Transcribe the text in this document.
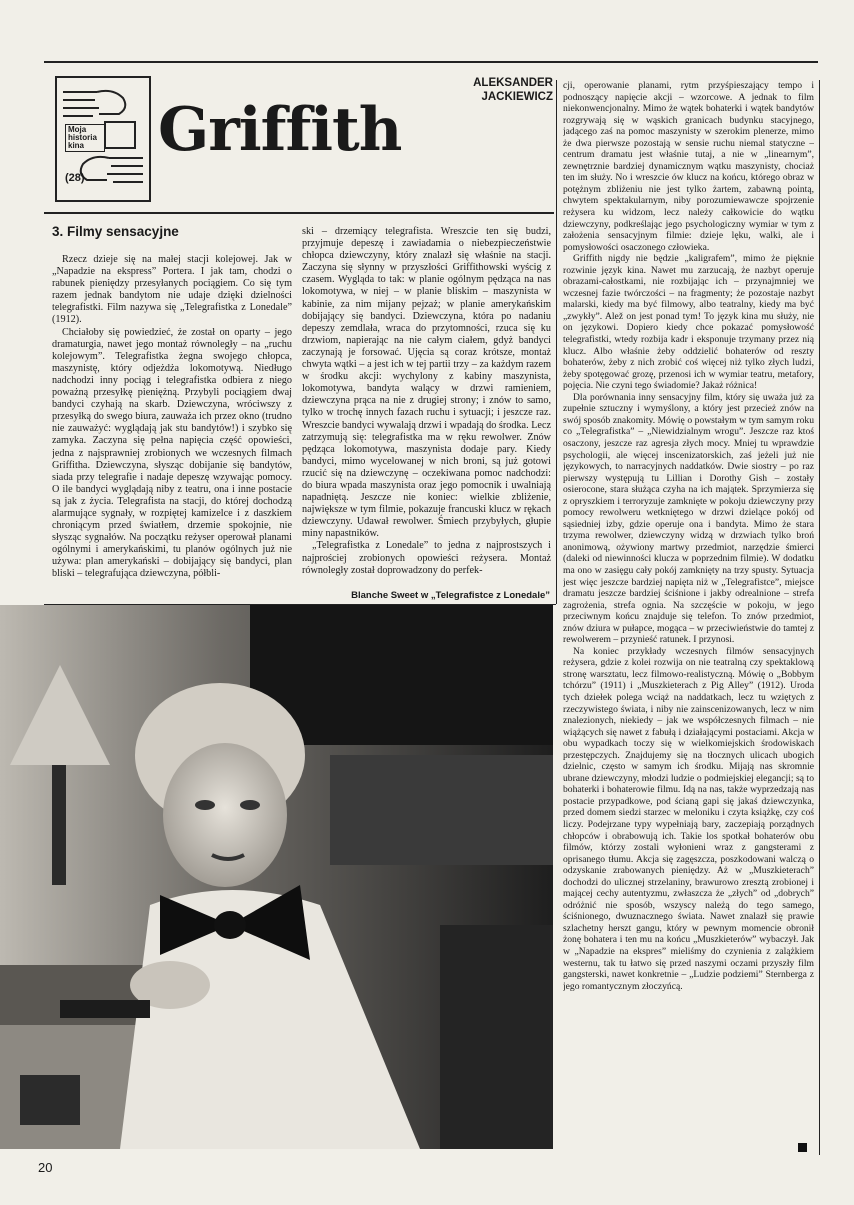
Moja historia kina
(28)
Griffith
ALEKSANDER
JACKIEWICZ
3. Filmy sensacyjne

Rzecz dzieje się na małej stacji kolejowej. Jak w „Napadzie na ekspress” Portera. I jak tam, chodzi o rabunek pieniędzy przesyłanych pociągiem. Co się tym razem jednak bandytom nie udaje dzięki dzielności telegrafistki. Film nazywa się „Telegrafistka z Lonedale” (1912).

Chciałoby się powiedzieć, że został on oparty – jego dramaturgia, nawet jego montaż równoległy – na „ruchu kolejowym”. Telegrafistka żegna swojego chłopca, maszynistę, który odjeżdża lokomotywą. Niedługo nadchodzi inny pociąg i telegrafistka odbiera z niego poważną przesyłkę pieniężną. Przybyli pociągiem dwaj bandyci czyhają na skarb. Dziewczyna, wróciwszy z przesyłką do swego biura, zauważa ich przez okno (trudno nie zauważyć: wyglądają jak stu bandytów!) i szybko się zamyka. Zaczyna się pełna napięcia część opowieści, jedna z najsprawniej zrobionych we wczesnych filmach Griffitha. Dziewczyna, słysząc dobijanie się bandytów, siada przy telegrafie i nadaje depeszę wzywając pomocy. O ile bandyci wyglądają niby z teatru, ona i inne postacie są jak z życia. Telegrafista na stacji, do której dochodzą alarmujące sygnały, w rozpiętej kamizelce i z daszkiem chroniącym przed światłem, drzemie spokojnie, nie słysząc sygnałów. Na początku reżyser operował planami ogólnymi i amerykańskimi, tu planów ogólnych już nie używa: plan amerykański – dobijający się bandyci, plan bliski – telegrafująca dziewczyna, półbli-

ski – drzemiący telegrafista. Wreszcie ten się budzi, przyjmuje depeszę i zawiadamia o niebezpieczeństwie chłopca dziewczyny, który znalazł się właśnie na stacji. Zaczyna się słynny w przyszłości Griffithowski wyścig z czasem. Wygląda to tak: w planie ogólnym pędząca na nas lokomotywa, w niej – w planie bliskim – maszynista w kabinie, za nim mijany pejzaż; w planie amerykańskim dobijający się bandyci. Dziewczyna, która po nadaniu depeszy zemdlała, wraca do przytomności, rzuca się ku drzwiom, napierając na nie całym ciałem, gdyż bandyci zaczynają je forsować. Ujęcia są coraz krótsze, montaż chwyta wątki – a jest ich w tej partii trzy – za każdym razem w środku akcji: wychylony z kabiny maszynista, lokomotywa, bandyta walący w drzwi ramieniem, dziewczyna prąca na nie z drugiej strony; i znów to samo, tylko w trochę innych fazach ruchu i sytuacji; i jeszcze raz. Wreszcie bandyci wywalają drzwi i wpadają do środka. Lecz zatrzymują się: telegrafistka ma w ręku rewolwer. Znów pędząca lokomotywa, maszynista dodaje pary. Kiedy bandyci, mimo wycelowanej w nich broni, są już gotowi rzucić się na dziewczynę – oczekiwana pomoc nadchodzi: do biura wpada maszynista oraz jego pomocnik i uwalniają napadniętą. Jeszcze nie koniec: wielkie zbliżenie, największe w tym filmie, pokazuje francuski klucz w rękach dziewczyny. Udawał rewolwer. Śmiech przybyłych, głupie miny napastników.

„Telegrafistka z Lonedale” to jedna z najprostszych i najprościej zrobionych opowieści reżysera. Montaż równoległy został doprowadzony do perfek-

Blanche Sweet w „Telegrafistce z Lonedale”

cji, operowanie planami, rytm przyśpieszający tempo i podnoszący napięcie akcji – wzorcowe. A jednak to film niekonwencjonalny. Mimo że wątek bohaterki i wątek bandytów rozgrywają się w wąskich granicach budynku stacyjnego, jadącego zaś na pomoc maszynisty w szerokim plenerze, mimo że dwa pierwsze pozostają w sensie ruchu niemal statyczne – centrum dramatu jest właśnie tutaj, a nie w „linearnym”, zewnętrznie bardziej dynamicznym wątku maszynisty, chociaż ten im służy. No i wreszcie ów klucz na końcu, którego obraz w potężnym zbliżeniu nie jest tylko żartem, zabawną pointą, chwytem spektakularnym, niby porozumiewawcze spojrzenie reżysera ku widzom, lecz należy całkowicie do wątku dziewczyny, podkreślając jego psychologiczny wymiar w tym z założenia sensacyjnym filmie: dzieje lęku, walki, ale i pomysłowości osaczonego człowieka.

Griffith nigdy nie będzie „kaligrafem”, mimo że pięknie rozwinie język kina. Nawet mu zarzucają, że nazbyt operuje obrazami-całostkami, nie rozbijając ich – przynajmniej we wczesnej fazie twórczości – na fragmenty; że pozostaje nazbyt malarski, kiedy ma być filmowy, albo teatralny, kiedy ma być „zwykły”. Alež on jest ponad tym! To język kina mu służy, nie on językowi. Dopiero kiedy chce pokazać pomysłowość telegrafistki, wtedy rozbija kadr i eksponuje trzymany przez nią klucz. Albo właśnie żeby oddzielić bohaterów od reszty bohaterów, żeby z nich zrobić coś więcej niż tylko złych ludzi, żeby spotęgować grozę, przenosi ich w wymiar teatru, metafory, pojęcia. Nie czyni tego świadomie? Jakaż różnica!

Dla porównania inny sensacyjny film, który się uważa już za zupełnie sztuczny i wymyślony, a który jest przecież znów na swój sposób znakomity. Mówię o powstałym w tym samym roku co „Telegrafistka” – „Niewidzialnym wrogu”. Jeszcze raz ktoś osaczony, jeszcze raz agresja złych mocy. Mniej tu wprawdzie psychologii, ale więcej inscenizatorskich, zaś jeżeli już nie językowych, to narracyjnych naddatków. Dwie siostry – po raz pierwszy występują tu Lillian i Dorothy Gish – zostały osierocone, stara służąca czyha na ich majątek. Sprzymierza się z opryszkiem i terroryzuje zamknięte w pokoju dziewczyny przy pomocy rewolweru wetkniętego w drzwi dzielące pokój od sąsiedniej izby, gdzie operuje ona i bandyta. Mimo że stara trzyma rewolwer, dziewczyny widzą w drzwiach tylko broń anonimową, ożywiony martwy przedmiot, narzędzie śmierci (daleki od niewinności klucza w poprzednim filmie). W dodatku ma ono w zasięgu cały pokój zamknięty na trzy spusty. Sytuacja jest więc jeszcze bardziej napięta niż w „Telegrafistce”, miejsce dramatu jeszcze bardziej ściśnione i jakby odrealnione – strefa zagrożenia, strefa ognia. Na szczęście w pokoju, w jego przeciwnym końcu znajduje się telefon. To znów przedmiot, znów dziura w pułapce, mogąca – w przeciwieństwie do tamtej z rewolwerem – przynieść ratunek. I przynosi.

Na koniec przykłady wczesnych filmów sensacyjnych reżysera, gdzie z kolei rozwija on nie teatralną czy spektaklową stronę warsztatu, lecz filmowo-realistyczną. Mówię o „Bobbym tchórzu” (1911) i „Muszkieterach z Pig Alley” (1912). Uroda tych dziełek polega wciąż na naddatkach, lecz tu wziętych z rzeczywistego świata, i niby nie zainscenizowanych, lecz w nim znalezionych, niekiedy – jak we współczesnych filmach – nie wiążących się nawet z fabułą i działającymi postaciami. Akcja w obu wypadkach toczy się w wielkomiejskich środowiskach przestępczych. Znajdujemy się na tłocznych ulicach ubogich dzielnic, często w samym ich środku. Mijają nas skromnie ubrane dziewczyny, młodzi ludzie o podmiejskiej elegancji; są to bohaterki i bohaterowie filmu. Idą na nas, także wyprzedzają nas postacie przypadkowe, pod ścianą gapi się jakaś dziewczynka, przed domem siedzi starzec w meloniku i czyta książkę, czy coś liczy. Podejrzane typy wypełniają bary, zaczepiają porządnych chłopców i obrabowują ich. Takie los spotkał bohaterów obu filmów, którzy zostali wyłonieni wraz z gangsterami z oprisanego tłumu. Akcja się zagęszcza, poszkodowani walczą o odzyskanie zrabowanych pieniędzy. Aż w „Muszkieterach” dochodzi do ulicznej strzelaniny, brawurowo zresztą zrobionej i mającej cechy autentyzmu, zwłaszcza że „złych” od „dobrych” odróżnić nie sposób, wszyscy należą do tego samego, ściśnionego, dwuznacznego świata. Nawet znalazł się prawie szlachetny herszt gangu, który w pewnym momencie obronił żonę bohatera i ten mu na końcu „Muszkieterów” wybaczył. Jak w „Napadzie na ekspres” mieliśmy do czynienia z zalążkiem westernu, tak tu łatwo się przed naszymi oczami przyszły film gangsterski, nawet konkretnie – „Ludzie podziemi” Sternberga z jego romantycznym złoczyńcą.

20
